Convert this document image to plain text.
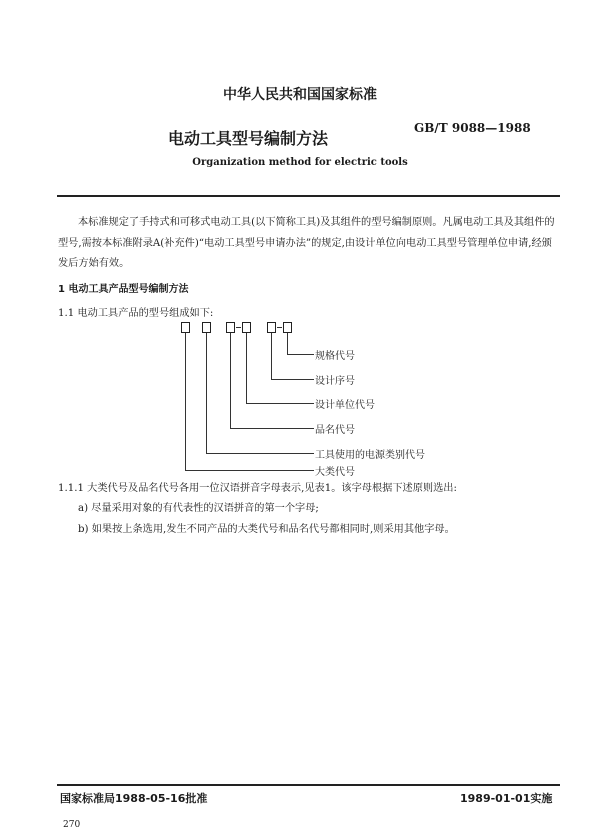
中华人民共和国国家标准
电动工具型号编制方法
GB/T 9088—1988
Organization method for electric tools

本标准规定了手持式和可移式电动工具(以下简称工具)及其组件的型号编制原则。凡属电动工具及其组件的型号,需按本标准附录A(补充件)“电动工具型号申请办法”的规定,由设计单位向电动工具型号管理单位申请,经颁发后方始有效。

1 电动工具产品型号编制方法

1.1 电动工具产品的型号组成如下:

规格代号
设计序号
设计单位代号
品名代号
工具使用的电源类别代号
大类代号

1.1.1 大类代号及品名代号各用一位汉语拼音字母表示,见表1。该字母根据下述原则选出:

a) 尽量采用对象的有代表性的汉语拼音的第一个字母;

b) 如果按上条选用,发生不同产品的大类代号和品名代号都相同时,则采用其他字母。

国家标准局1988-05-16批准	1989-01-01实施
270
